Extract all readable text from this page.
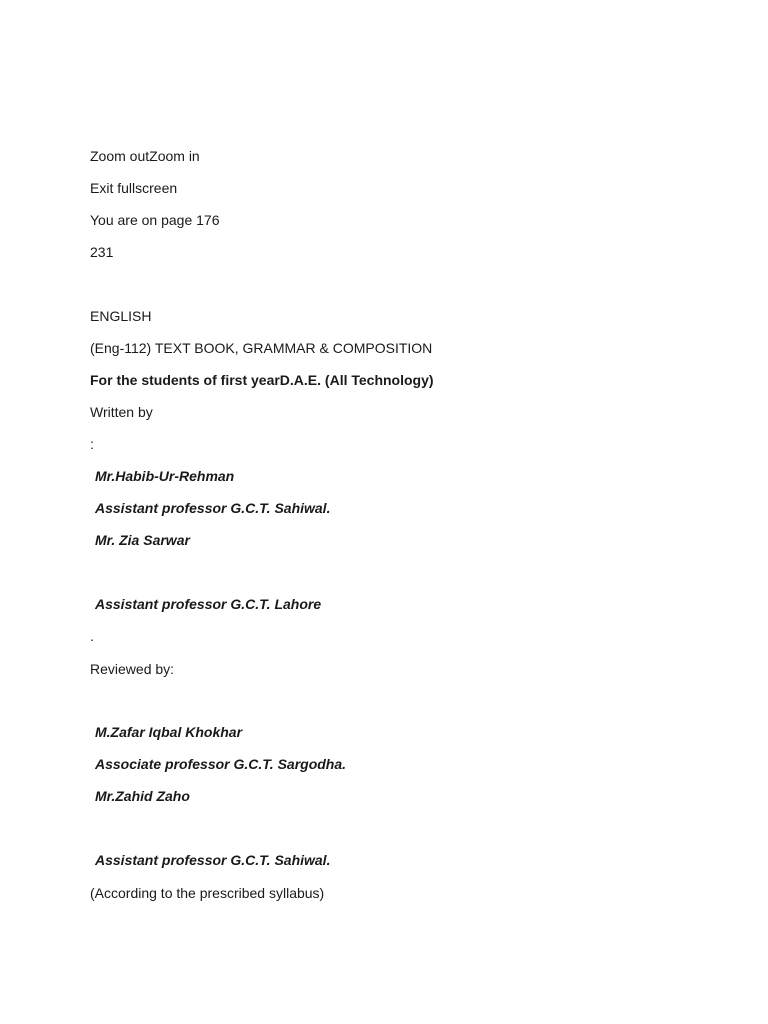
Zoom outZoom in
Exit fullscreen
You are on page 176
231
ENGLISH
(Eng-112) TEXT BOOK, GRAMMAR & COMPOSITION
For the students of first yearD.A.E. (All Technology)
Written by
:
Mr.Habib-Ur-Rehman
Assistant professor G.C.T. Sahiwal.
Mr. Zia Sarwar
Assistant professor G.C.T. Lahore
.
Reviewed by:
M.Zafar Iqbal Khokhar
Associate professor G.C.T. Sargodha.
Mr.Zahid Zaho
Assistant professor G.C.T. Sahiwal.
(According to the prescribed syllabus)
